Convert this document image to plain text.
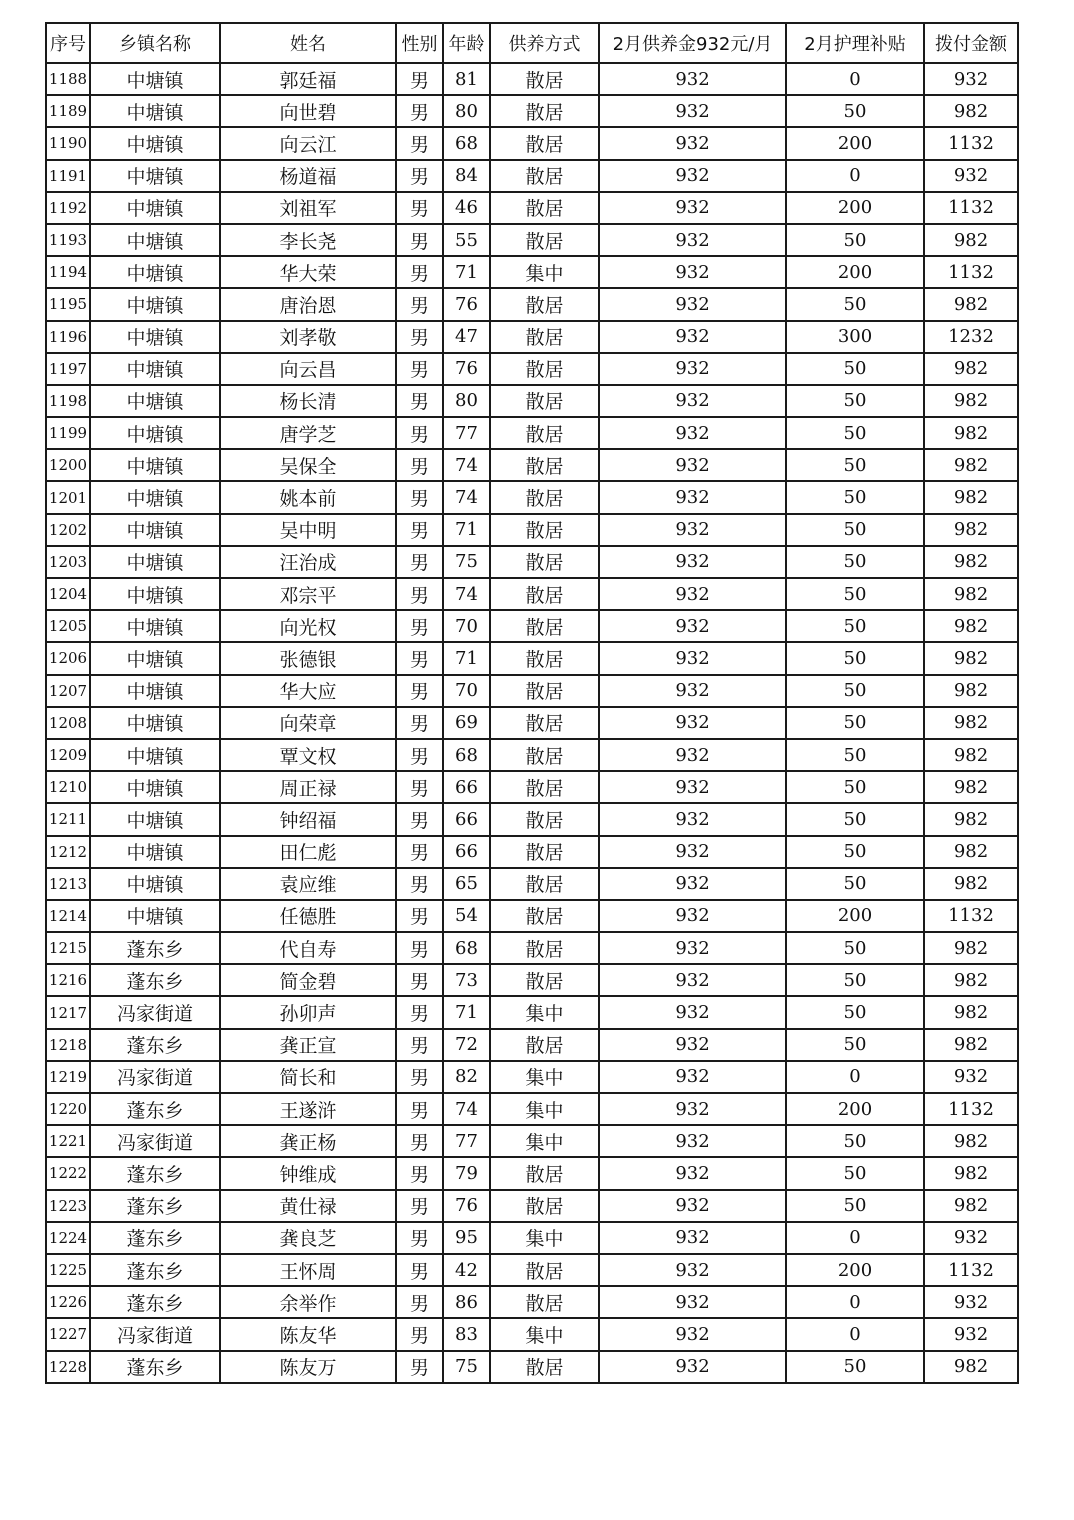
序号	乡镇名称	姓名	性别	年龄	供养方式	2月供养金932元/月	2月护理补贴	拨付金额
1188	中塘镇	郭廷福	男	81	散居	932	0	932
1189	中塘镇	向世碧	男	80	散居	932	50	982
1190	中塘镇	向云江	男	68	散居	932	200	1132
1191	中塘镇	杨道福	男	84	散居	932	0	932
1192	中塘镇	刘祖军	男	46	散居	932	200	1132
1193	中塘镇	李长尧	男	55	散居	932	50	982
1194	中塘镇	华大荣	男	71	集中	932	200	1132
1195	中塘镇	唐治恩	男	76	散居	932	50	982
1196	中塘镇	刘孝敬	男	47	散居	932	300	1232
1197	中塘镇	向云昌	男	76	散居	932	50	982
1198	中塘镇	杨长清	男	80	散居	932	50	982
1199	中塘镇	唐学芝	男	77	散居	932	50	982
1200	中塘镇	吴保全	男	74	散居	932	50	982
1201	中塘镇	姚本前	男	74	散居	932	50	982
1202	中塘镇	吴中明	男	71	散居	932	50	982
1203	中塘镇	汪治成	男	75	散居	932	50	982
1204	中塘镇	邓宗平	男	74	散居	932	50	982
1205	中塘镇	向光权	男	70	散居	932	50	982
1206	中塘镇	张德银	男	71	散居	932	50	982
1207	中塘镇	华大应	男	70	散居	932	50	982
1208	中塘镇	向荣章	男	69	散居	932	50	982
1209	中塘镇	覃文权	男	68	散居	932	50	982
1210	中塘镇	周正禄	男	66	散居	932	50	982
1211	中塘镇	钟绍福	男	66	散居	932	50	982
1212	中塘镇	田仁彪	男	66	散居	932	50	982
1213	中塘镇	袁应维	男	65	散居	932	50	982
1214	中塘镇	任德胜	男	54	散居	932	200	1132
1215	蓬东乡	代自寿	男	68	散居	932	50	982
1216	蓬东乡	简金碧	男	73	散居	932	50	982
1217	冯家街道	孙卯声	男	71	集中	932	50	982
1218	蓬东乡	龚正宣	男	72	散居	932	50	982
1219	冯家街道	简长和	男	82	集中	932	0	932
1220	蓬东乡	王遂浒	男	74	集中	932	200	1132
1221	冯家街道	龚正杨	男	77	集中	932	50	982
1222	蓬东乡	钟维成	男	79	散居	932	50	982
1223	蓬东乡	黄仕禄	男	76	散居	932	50	982
1224	蓬东乡	龚良芝	男	95	集中	932	0	932
1225	蓬东乡	王怀周	男	42	散居	932	200	1132
1226	蓬东乡	余举作	男	86	散居	932	0	932
1227	冯家街道	陈友华	男	83	集中	932	0	932
1228	蓬东乡	陈友万	男	75	散居	932	50	982
